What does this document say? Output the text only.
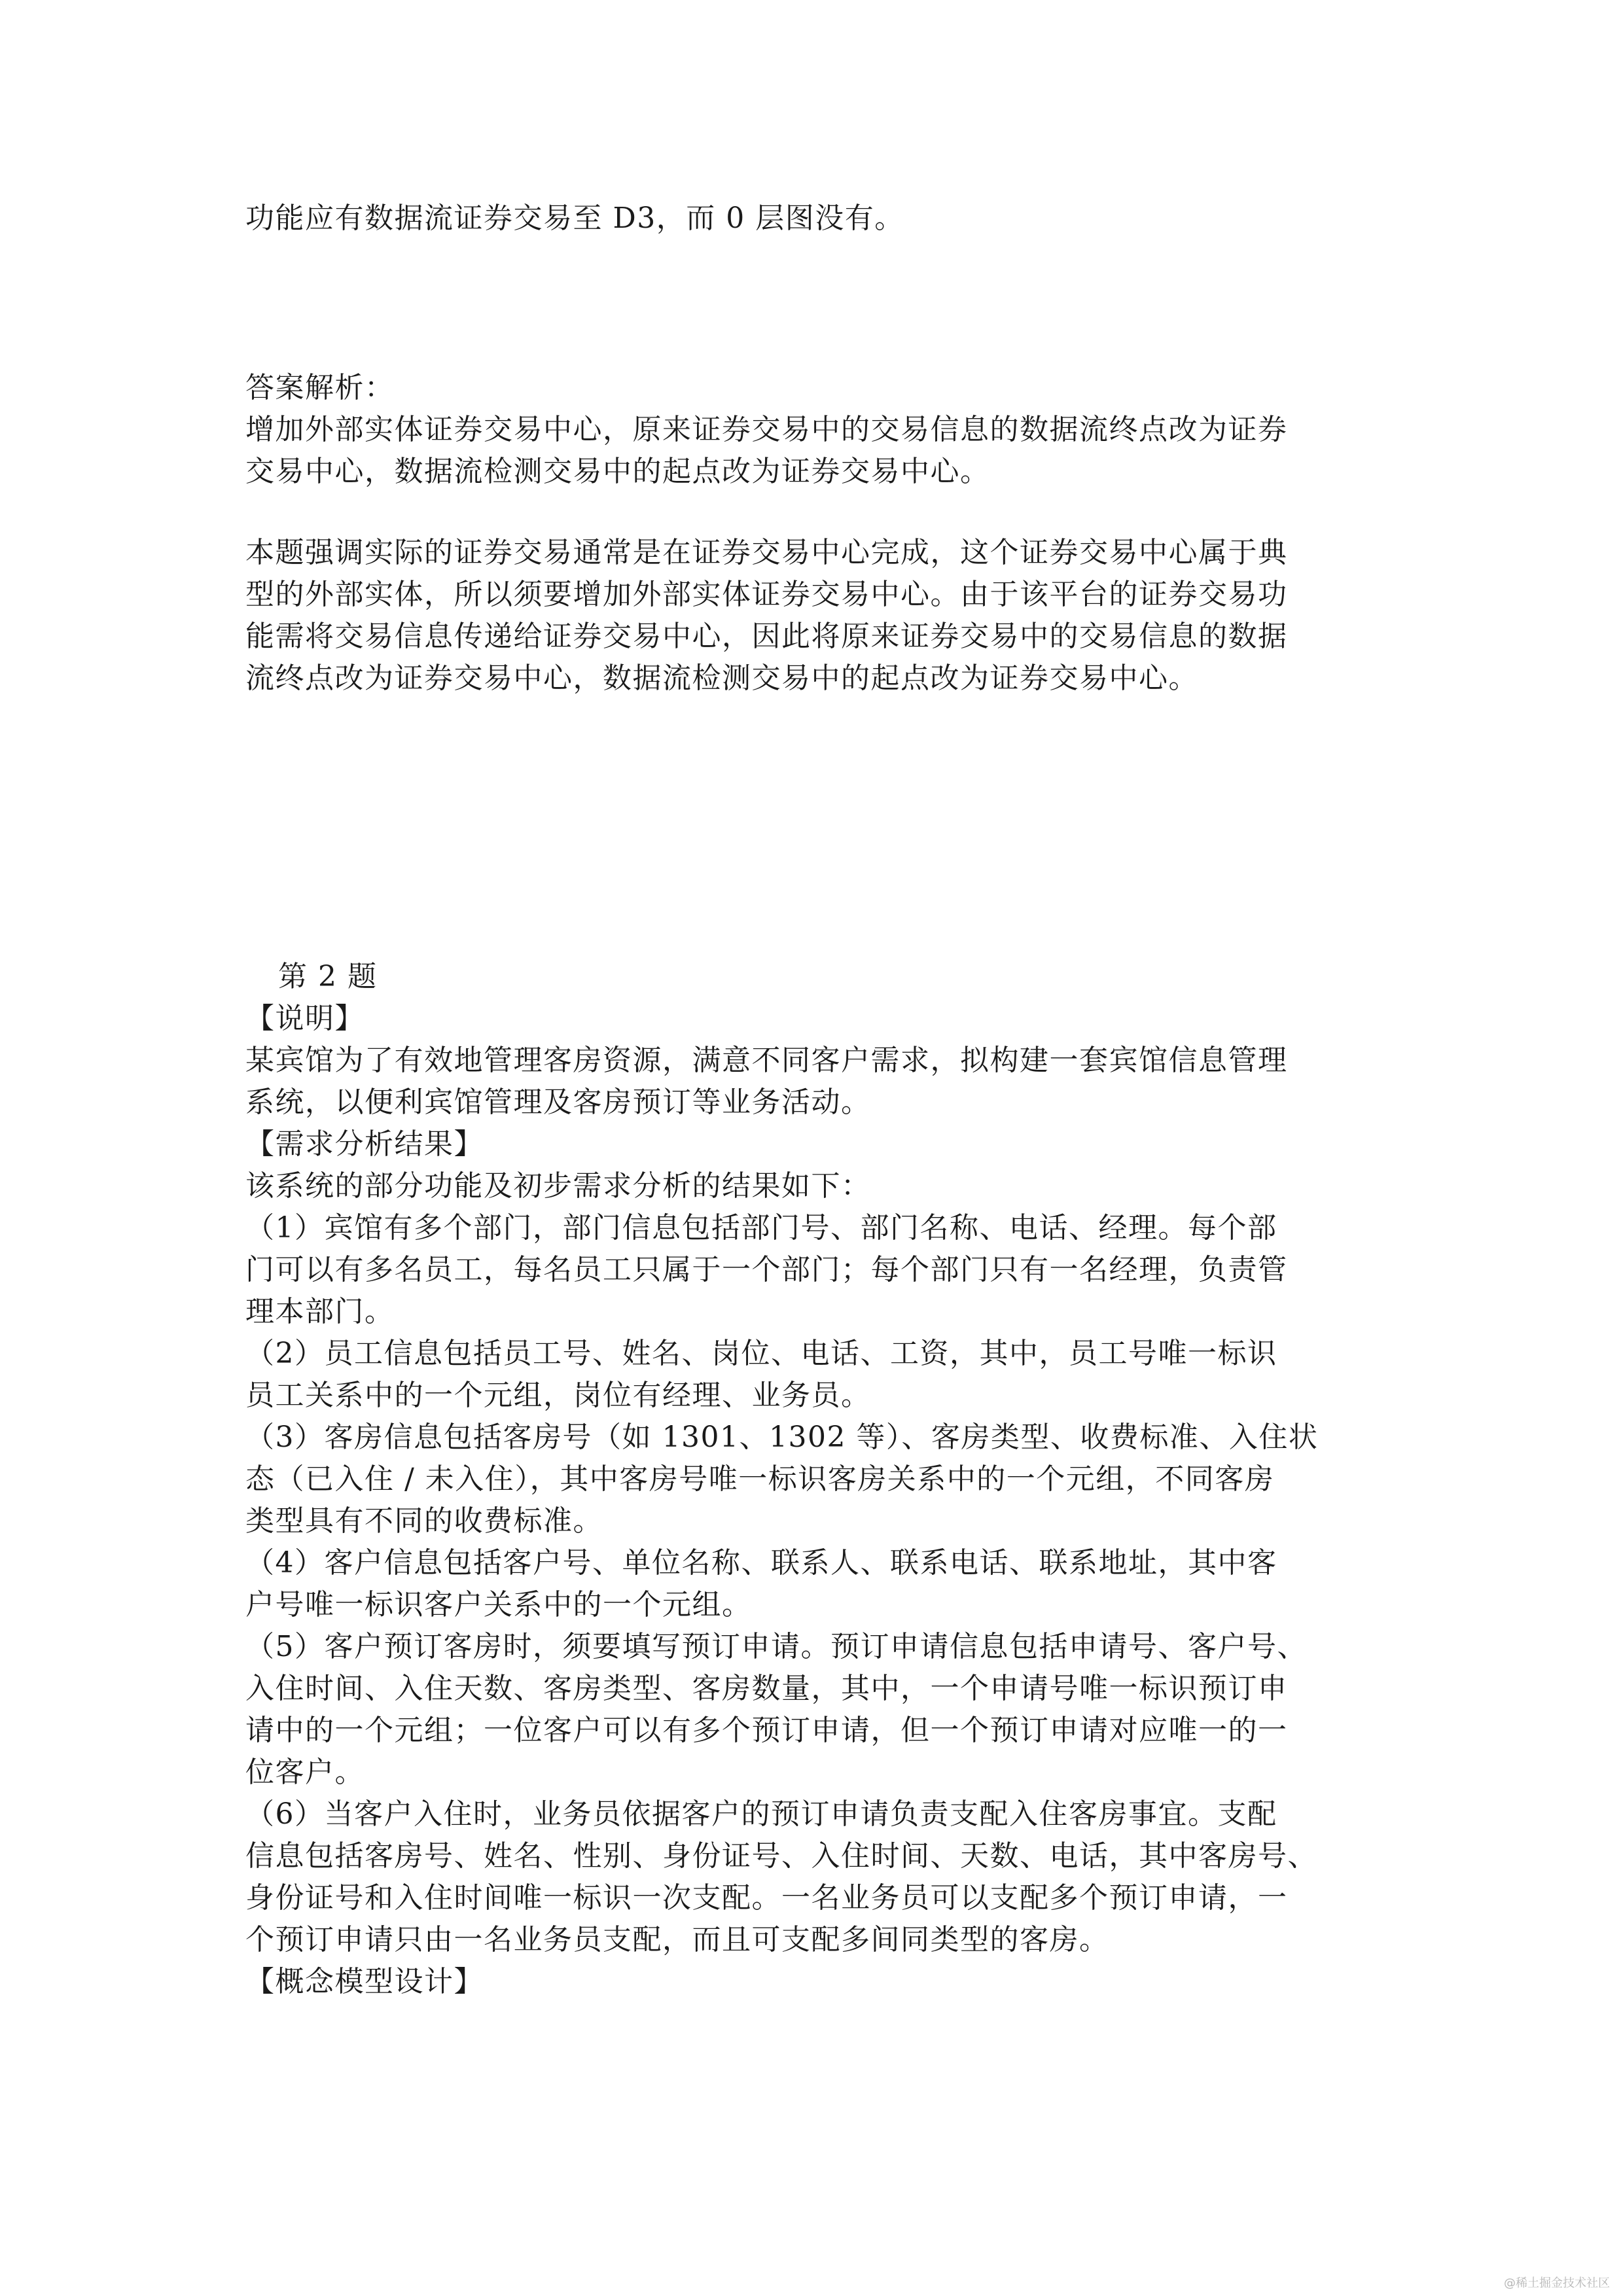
功能应有数据流证券交易至 D3，而 0 层图没有。
答案解析：
增加外部实体证券交易中心，原来证券交易中的交易信息的数据流终点改为证券
交易中心，数据流检测交易中的起点改为证券交易中心。
本题强调实际的证券交易通常是在证券交易中心完成，这个证券交易中心属于典
型的外部实体，所以须要增加外部实体证券交易中心。由于该平台的证券交易功
能需将交易信息传递给证券交易中心，因此将原来证券交易中的交易信息的数据
流终点改为证券交易中心，数据流检测交易中的起点改为证券交易中心。
第 2 题
【说明】
某宾馆为了有效地管理客房资源，满意不同客户需求，拟构建一套宾馆信息管理
系统，以便利宾馆管理及客房预订等业务活动。
【需求分析结果】
该系统的部分功能及初步需求分析的结果如下：
（1）宾馆有多个部门，部门信息包括部门号、部门名称、电话、经理。每个部
门可以有多名员工，每名员工只属于一个部门；每个部门只有一名经理，负责管
理本部门。
（2）员工信息包括员工号、姓名、岗位、电话、工资，其中，员工号唯一标识
员工关系中的一个元组，岗位有经理、业务员。
（3）客房信息包括客房号（如 1301、1302 等）、客房类型、收费标准、入住状
态（已入住 / 未入住），其中客房号唯一标识客房关系中的一个元组，不同客房
类型具有不同的收费标准。
（4）客户信息包括客户号、单位名称、联系人、联系电话、联系地址，其中客
户号唯一标识客户关系中的一个元组。
（5）客户预订客房时，须要填写预订申请。预订申请信息包括申请号、客户号、
入住时间、入住天数、客房类型、客房数量，其中，一个申请号唯一标识预订申
请中的一个元组；一位客户可以有多个预订申请，但一个预订申请对应唯一的一
位客户。
（6）当客户入住时，业务员依据客户的预订申请负责支配入住客房事宜。支配
信息包括客房号、姓名、性别、身份证号、入住时间、天数、电话，其中客房号、
身份证号和入住时间唯一标识一次支配。一名业务员可以支配多个预订申请，一
个预订申请只由一名业务员支配，而且可支配多间同类型的客房。
【概念模型设计】
@稀土掘金技术社区
